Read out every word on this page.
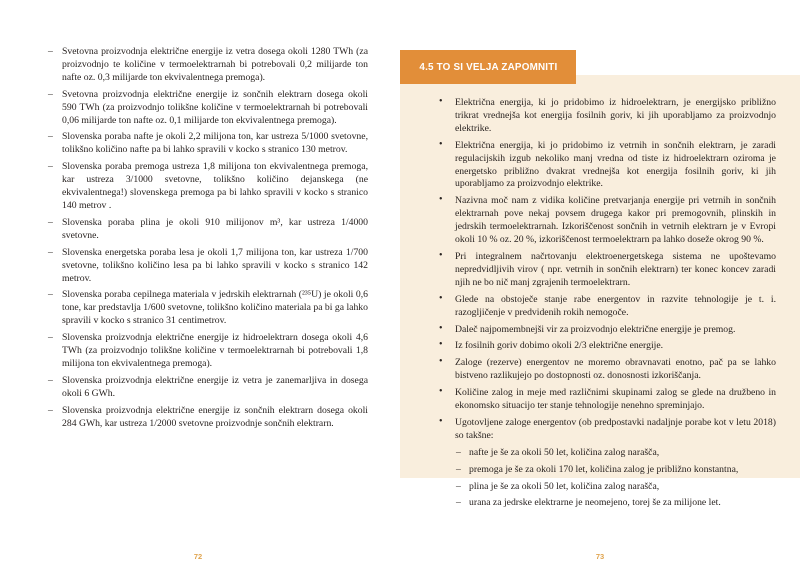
– Svetovna proizvodnja električne energije iz vetra dosega okoli 1280 TWh (za proizvodnjo te količine v termoelektrarnah bi potrebovali 0,2 milijarde ton nafte oz. 0,3 milijarde ton ekvivalentnega premoga).
– Svetovna proizvodnja električne energije iz sončnih elektrarn dosega okoli 590 TWh (za proizvodnjo tolikšne količine v termoelektrarnah bi potrebovali 0,06 milijarde ton nafte oz. 0,1 milijarde ton ekvivalentnega premoga).
– Slovenska poraba nafte je okoli 2,2 milijona ton, kar ustreza 5/1000 svetovne, tolikšno količino nafte pa bi lahko spravili v kocko s stranico 130 metrov.
– Slovenska poraba premoga ustreza 1,8 milijona ton ekvivalentnega premoga, kar ustreza 3/1000 svetovne, tolikšno količino dejanskega (ne ekvivalentnega!) slovenskega premoga pa bi lahko spravili v kocko s stranico 140 metrov .
– Slovenska poraba plina je okoli 910 milijonov m³, kar ustreza 1/4000 svetovne.
– Slovenska energetska poraba lesa je okoli 1,7 milijona ton, kar ustreza 1/700 svetovne, tolikšno količino lesa pa bi lahko spravili v kocko s stranico 142 metrov.
– Slovenska poraba cepilnega materiala v jedrskih elektrarnah (²³⁵U) je okoli 0,6 tone, kar predstavlja 1/600 svetovne, tolikšno količino materiala pa bi ga lahko spravili v kocko s stranico 31 centimetrov.
– Slovenska proizvodnja električne energije iz hidroelektrarn dosega okoli 4,6 TWh (za proizvodnjo tolikšne količine v termoelektrarnah bi potrebovali 1,8 milijona ton ekvivalentnega premoga).
– Slovenska proizvodnja električne energije iz vetra je zanemarljiva in dosega okoli 6 GWh.
– Slovenska proizvodnja električne energije iz sončnih elektrarn dosega okoli 284 GWh, kar ustreza 1/2000 svetovne proizvodnje sončnih elektrarn.
4.5 TO SI VELJA ZAPOMNITI
• Električna energija, ki jo pridobimo iz hidroelektrarn, je energijsko približno trikrat vrednejša kot energija fosilnih goriv, ki jih uporabljamo za proizvodnjo elektrike.
• Električna energija, ki jo pridobimo iz vetrnih in sončnih elektrarn, je zaradi regulacijskih izgub nekoliko manj vredna od tiste iz hidroelektrarn oziroma je energetsko približno dvakrat vrednejša kot energija fosilnih goriv, ki jih uporabljamo za proizvodnjo elektrike.
• Nazivna moč nam z vidika količine pretvarjanja energije pri vetrnih in sončnih elektrarnah pove nekaj povsem drugega kakor pri premogovnih, plinskih in jedrskih termoelektrarnah. Izkoriščenost sončnih in vetrnih elektrarn je v Evropi okoli 10 % oz. 20 %, izkoriščenost termoelektrarn pa lahko doseže okrog 90 %.
• Pri integralnem načrtovanju elektroenergetskega sistema ne upoštevamo nepredvidljivih virov ( npr. vetrnih in sončnih elektrarn) ter konec koncev zaradi njih ne bo nič manj zgrajenih termoelektrarn.
• Glede na obstoječe stanje rabe energentov in razvite tehnologije je t. i. razogljičenje v predvidenih rokih nemogoče.
• Daleč najpomembnejši vir za proizvodnjo električne energije je premog.
• Iz fosilnih goriv dobimo okoli 2/3 električne energije.
• Zaloge (rezerve) energentov ne moremo obravnavati enotno, pač pa se lahko bistveno razlikujejo po dostopnosti oz. donosnosti izkoriščanja.
• Količine zalog in meje med različnimi skupinami zalog se glede na družbeno in ekonomsko situacijo ter stanje tehnologije nenehno spreminjajo.
• Ugotovljene zaloge energentov (ob predpostavki nadaljnje porabe kot v letu 2018) so takšne:
– nafte je še za okoli 50 let, količina zalog narašča,
– premoga je še za okoli 170 let, količina zalog je približno konstantna,
– plina je še za okoli 50 let, količina zalog narašča,
– urana za jedrske elektrarne je neomejeno, torej še za milijone let.
72	73
